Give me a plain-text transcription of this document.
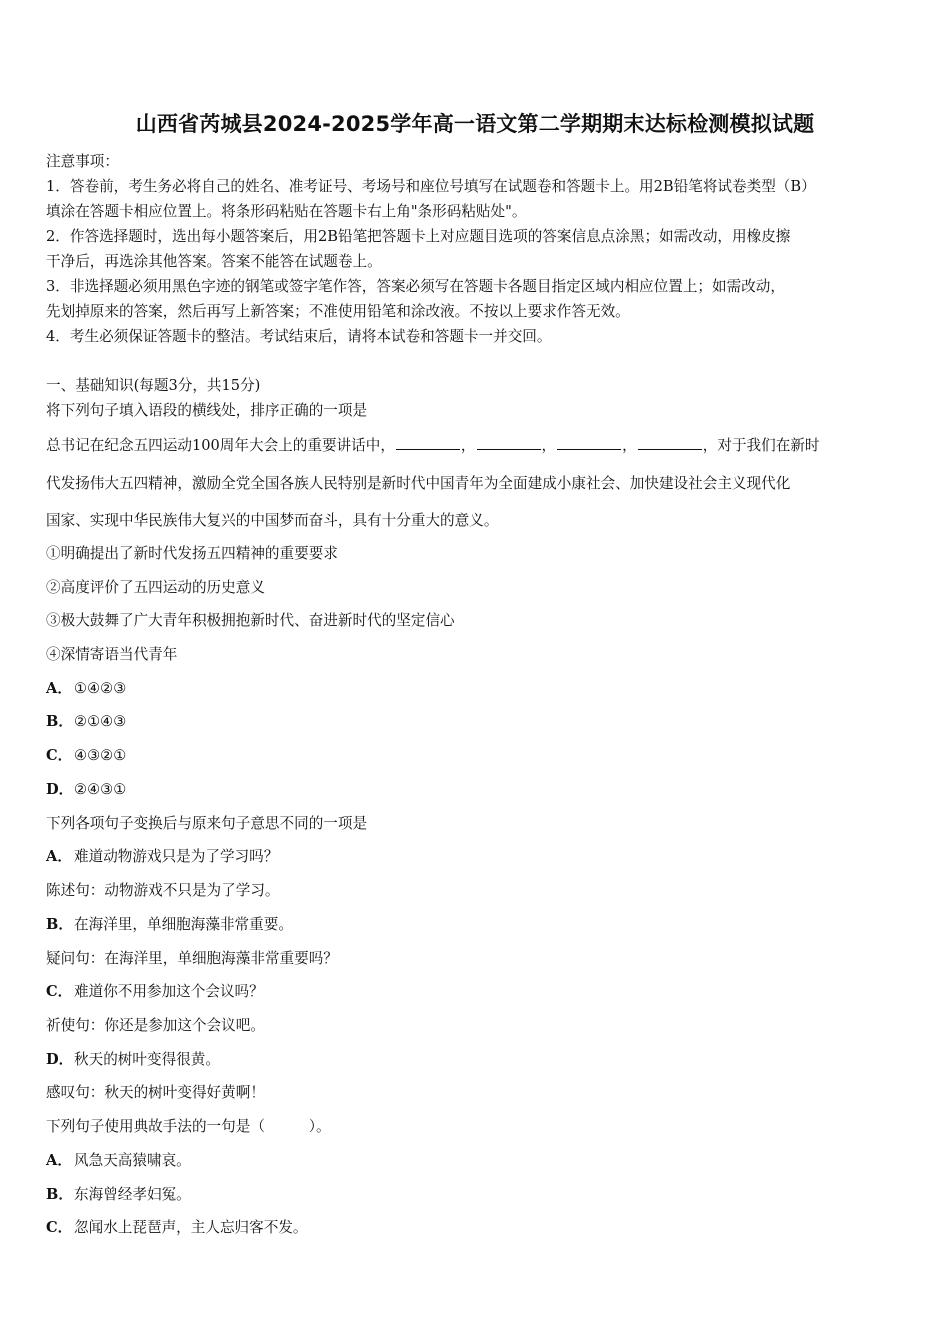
山西省芮城县2024-2025学年高一语文第二学期期末达标检测模拟试题
注意事项：
1．答卷前，考生务必将自己的姓名、准考证号、考场号和座位号填写在试题卷和答题卡上。用2B铅笔将试卷类型（B）
填涂在答题卡相应位置上。将条形码粘贴在答题卡右上角"条形码粘贴处"。
2．作答选择题时，选出每小题答案后，用2B铅笔把答题卡上对应题目选项的答案信息点涂黑；如需改动，用橡皮擦
干净后，再选涂其他答案。答案不能答在试题卷上。
3．非选择题必须用黑色字迹的钢笔或签字笔作答，答案必须写在答题卡各题目指定区域内相应位置上；如需改动，
先划掉原来的答案，然后再写上新答案；不准使用铅笔和涂改液。不按以上要求作答无效。
4．考生必须保证答题卡的整洁。考试结束后，请将本试卷和答题卡一并交回。
一、基础知识(每题3分，共15分)
将下列句子填入语段的横线处，排序正确的一项是
总书记在纪念五四运动100周年大会上的重要讲话中，	，	，	，	，对于我们在新时
代发扬伟大五四精神，激励全党全国各族人民特别是新时代中国青年为全面建成小康社会、加快建设社会主义现代化
国家、实现中华民族伟大复兴的中国梦而奋斗，具有十分重大的意义。
①明确提出了新时代发扬五四精神的重要要求
②高度评价了五四运动的历史意义
③极大鼓舞了广大青年积极拥抱新时代、奋进新时代的坚定信心
④深情寄语当代青年
A． ①④②③
B．②①④③
C． ④③②①
D．②④③①
下列各项句子变换后与原来句子意思不同的一项是
A． 难道动物游戏只是为了学习吗？
陈述句：动物游戏不只是为了学习。
B．在海洋里，单细胞海藻非常重要。
疑问句：在海洋里，单细胞海藻非常重要吗？
C． 难道你不用参加这个会议吗？
祈使句：你还是参加这个会议吧。
D．秋天的树叶变得很黄。
感叹句：秋天的树叶变得好黄啊！
下列句子使用典故手法的一句是（　　　）。
A． 风急天高猿啸哀。
B．东海曾经孝妇冤。
C． 忽闻水上琵琶声，主人忘归客不发。
